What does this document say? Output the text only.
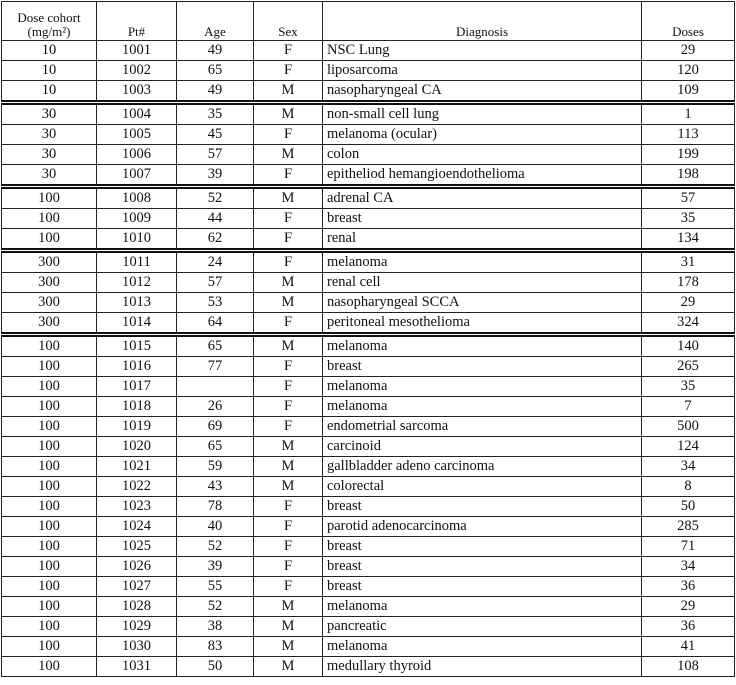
Dose cohort
(mg/m²)	Pt#	Age	Sex	Diagnosis	Doses
10	1001	49	F	NSC Lung	29
10	1002	65	F	liposarcoma	120
10	1003	49	M	nasopharyngeal CA	109
30	1004	35	M	non-small cell lung	1
30	1005	45	F	melanoma (ocular)	113
30	1006	57	M	colon	199
30	1007	39	F	epitheliod hemangioendothelioma	198
100	1008	52	M	adrenal CA	57
100	1009	44	F	breast	35
100	1010	62	F	renal	134
300	1011	24	F	melanoma	31
300	1012	57	M	renal cell	178
300	1013	53	M	nasopharyngeal SCCA	29
300	1014	64	F	peritoneal mesothelioma	324
100	1015	65	M	melanoma	140
100	1016	77	F	breast	265
100	1017		F	melanoma	35
100	1018	26	F	melanoma	7
100	1019	69	F	endometrial sarcoma	500
100	1020	65	M	carcinoid	124
100	1021	59	M	gallbladder adeno carcinoma	34
100	1022	43	M	colorectal	8
100	1023	78	F	breast	50
100	1024	40	F	parotid adenocarcinoma	285
100	1025	52	F	breast	71
100	1026	39	F	breast	34
100	1027	55	F	breast	36
100	1028	52	M	melanoma	29
100	1029	38	M	pancreatic	36
100	1030	83	M	melanoma	41
100	1031	50	M	medullary thyroid	108
